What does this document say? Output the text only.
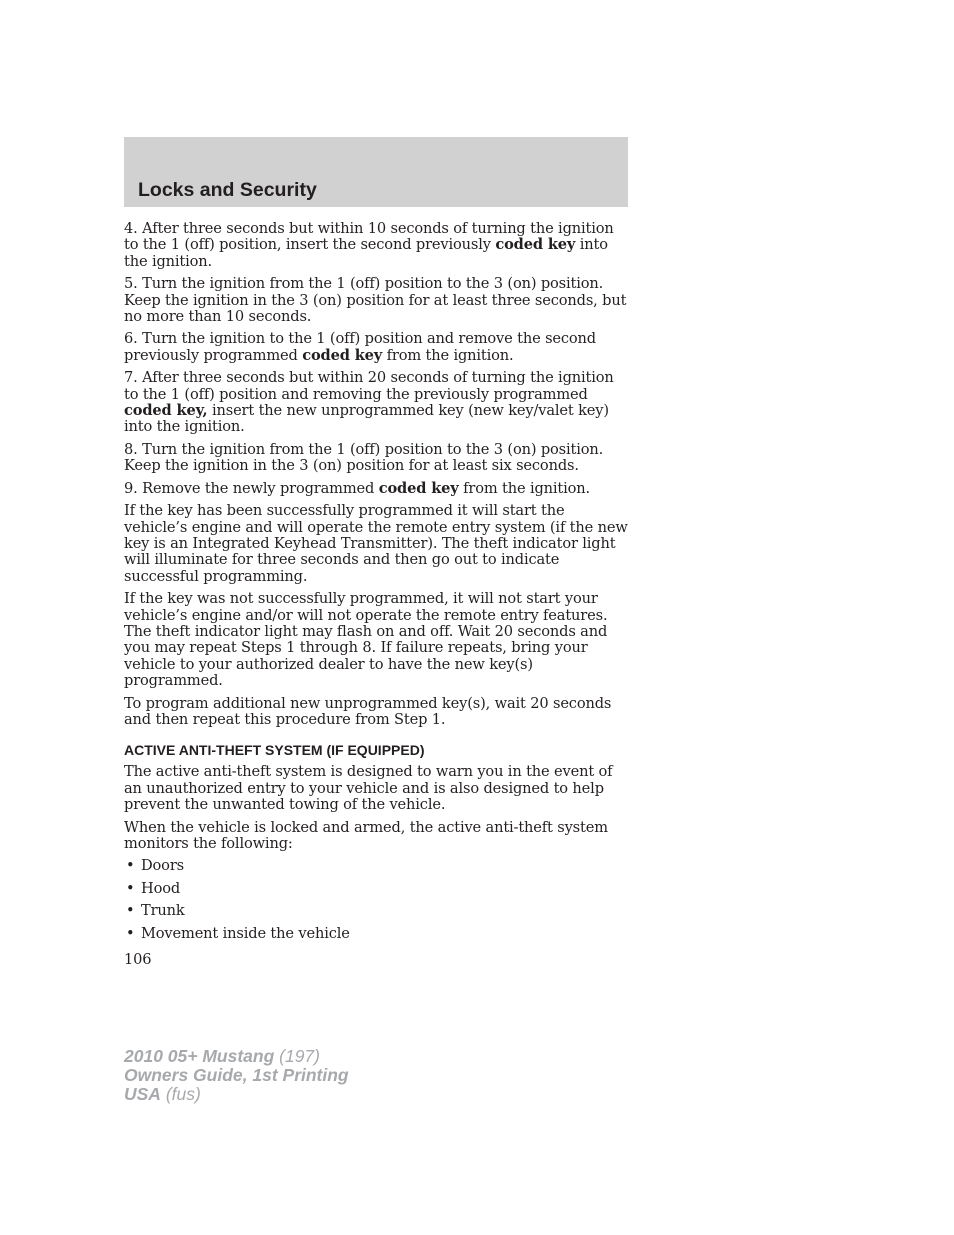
Locks and Security

4. After three seconds but within 10 seconds of turning the ignition to the 1 (off) position, insert the second previously coded key into the ignition.

5. Turn the ignition from the 1 (off) position to the 3 (on) position. Keep the ignition in the 3 (on) position for at least three seconds, but no more than 10 seconds.

6. Turn the ignition to the 1 (off) position and remove the second previously programmed coded key from the ignition.

7. After three seconds but within 20 seconds of turning the ignition to the 1 (off) position and removing the previously programmed coded key, insert the new unprogrammed key (new key/valet key) into the ignition.

8. Turn the ignition from the 1 (off) position to the 3 (on) position. Keep the ignition in the 3 (on) position for at least six seconds.

9. Remove the newly programmed coded key from the ignition.

If the key has been successfully programmed it will start the vehicle’s engine and will operate the remote entry system (if the new key is an Integrated Keyhead Transmitter). The theft indicator light will illuminate for three seconds and then go out to indicate successful programming.

If the key was not successfully programmed, it will not start your vehicle’s engine and/or will not operate the remote entry features. The theft indicator light may flash on and off. Wait 20 seconds and you may repeat Steps 1 through 8. If failure repeats, bring your vehicle to your authorized dealer to have the new key(s) programmed.

To program additional new unprogrammed key(s), wait 20 seconds and then repeat this procedure from Step 1.

ACTIVE ANTI-THEFT SYSTEM (IF EQUIPPED)

The active anti-theft system is designed to warn you in the event of an unauthorized entry to your vehicle and is also designed to help prevent the unwanted towing of the vehicle.

When the vehicle is locked and armed, the active anti-theft system monitors the following:

• Doors
• Hood
• Trunk
• Movement inside the vehicle
106
2010 05+ Mustang (197)
Owners Guide, 1st Printing
USA (fus)
